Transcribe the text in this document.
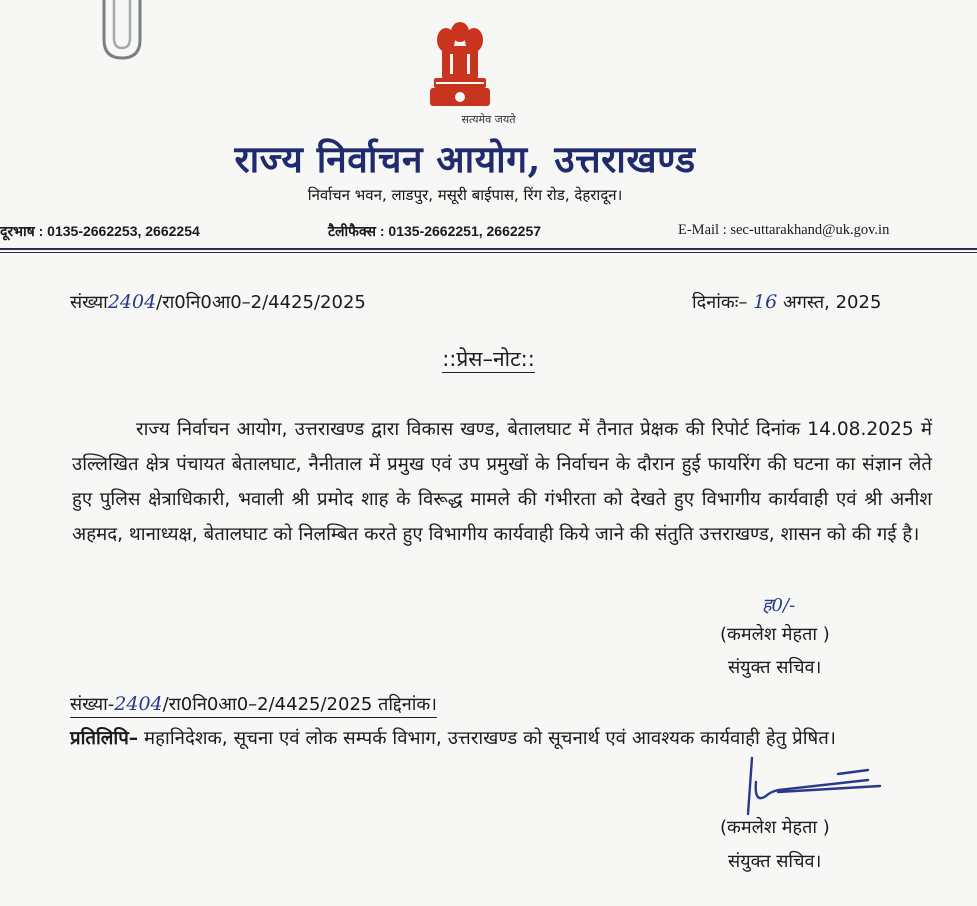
सत्यमेव जयते
राज्य निर्वाचन आयोग, उत्तराखण्ड
निर्वाचन भवन, लाडपुर, मसूरी बाईपास, रिंग रोड, देहरादून।
दूरभाष : 0135-2662253, 2662254	टैलीफैक्स : 0135-2662251, 2662257	E-Mail : sec-uttarakhand@uk.gov.in
संख्या2404/रा0नि0आ0–2/4425/2025	दिनांकः– 16 अगस्त, 2025
::प्रेस–नोट::
राज्य निर्वाचन आयोग, उत्तराखण्ड द्वारा विकास खण्ड, बेतालघाट में तैनात प्रेक्षक की रिपोर्ट दिनांक 14.08.2025 में उल्लिखित क्षेत्र पंचायत बेतालघाट, नैनीताल में प्रमुख एवं उप प्रमुखों के निर्वाचन के दौरान हुई फायरिंग की घटना का संज्ञान लेते हुए पुलिस क्षेत्राधिकारी, भवाली श्री प्रमोद शाह के विरूद्ध मामले की गंभीरता को देखते हुए विभागीय कार्यवाही एवं श्री अनीश अहमद, थानाध्यक्ष, बेतालघाट को निलम्बित करते हुए विभागीय कार्यवाही किये जाने की संतुति उत्तराखण्ड, शासन को की गई है।
ह0/-
(कमलेश मेहता )
संयुक्त सचिव।
संख्या-2404/रा0नि0आ0–2/4425/2025 तद्दिनांक।
प्रतिलिपि– महानिदेशक, सूचना एवं लोक सम्पर्क विभाग, उत्तराखण्ड को सूचनार्थ एवं आवश्यक कार्यवाही हेतु प्रेषित।
(कमलेश मेहता )
संयुक्त सचिव।
